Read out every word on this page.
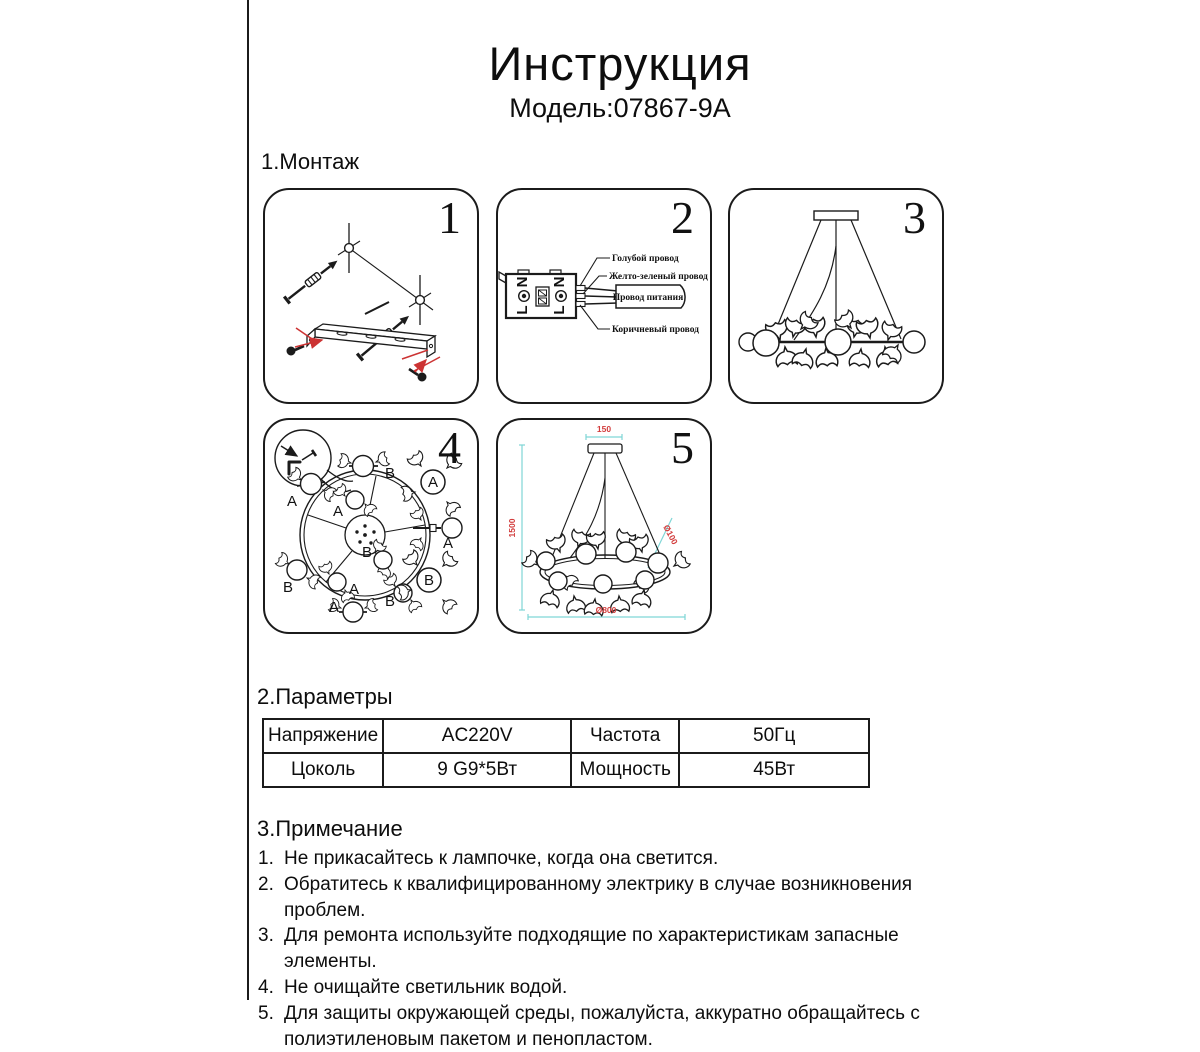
Инструкция
Модель:07867-9A
1.Монтаж
1
N
L
N
L
Провод питания
Голубой провод
Желто-зеленый провод
Коричневый провод
2	3
B
A
A
A
B
B	A
A	B
A
B
4	150
1500
Ø800
Ø100
5
2.Параметры
Напряжение	AC220V	Частота	50Гц
Цоколь	9 G9*5Вт	Мощность	45Вт
3.Примечание
1. Не прикасайтесь к лампочке, когда она светится.
2. Обратитесь к квалифицированному электрику в случае возникновения проблем.
3. Для ремонта используйте подходящие по характеристикам запасные элементы.
4. Не очищайте светильник водой.
5. Для защиты окружающей среды, пожалуйста, аккуратно обращайтесь с полиэтиленовым пакетом и пенопластом.
